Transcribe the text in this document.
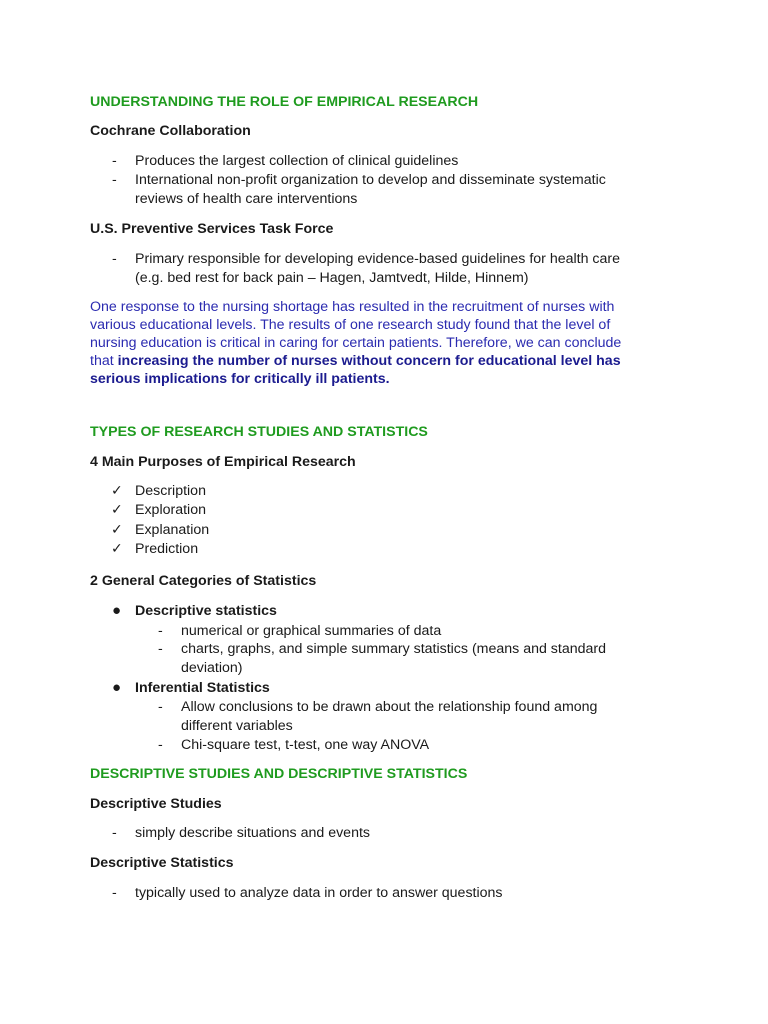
UNDERSTANDING THE ROLE OF EMPIRICAL RESEARCH
Cochrane Collaboration
- Produces the largest collection of clinical guidelines
- International non-profit organization to develop and disseminate systematic
reviews of health care interventions
U.S. Preventive Services Task Force
- Primary responsible for developing evidence-based guidelines for health care
(e.g. bed rest for back pain – Hagen, Jamtvedt, Hilde, Hinnem)
One response to the nursing shortage has resulted in the recruitment of nurses with
various educational levels. The results of one research study found that the level of
nursing education is critical in caring for certain patients. Therefore, we can conclude
that increasing the number of nurses without concern for educational level has
serious implications for critically ill patients.
TYPES OF RESEARCH STUDIES AND STATISTICS
4 Main Purposes of Empirical Research
✓ Description
✓ Exploration
✓ Explanation
✓ Prediction
2 General Categories of Statistics
● Descriptive statistics
- numerical or graphical summaries of data
- charts, graphs, and simple summary statistics (means and standard
deviation)
● Inferential Statistics
- Allow conclusions to be drawn about the relationship found among
different variables
- Chi-square test, t-test, one way ANOVA
DESCRIPTIVE STUDIES AND DESCRIPTIVE STATISTICS
Descriptive Studies
- simply describe situations and events
Descriptive Statistics
- typically used to analyze data in order to answer questions
